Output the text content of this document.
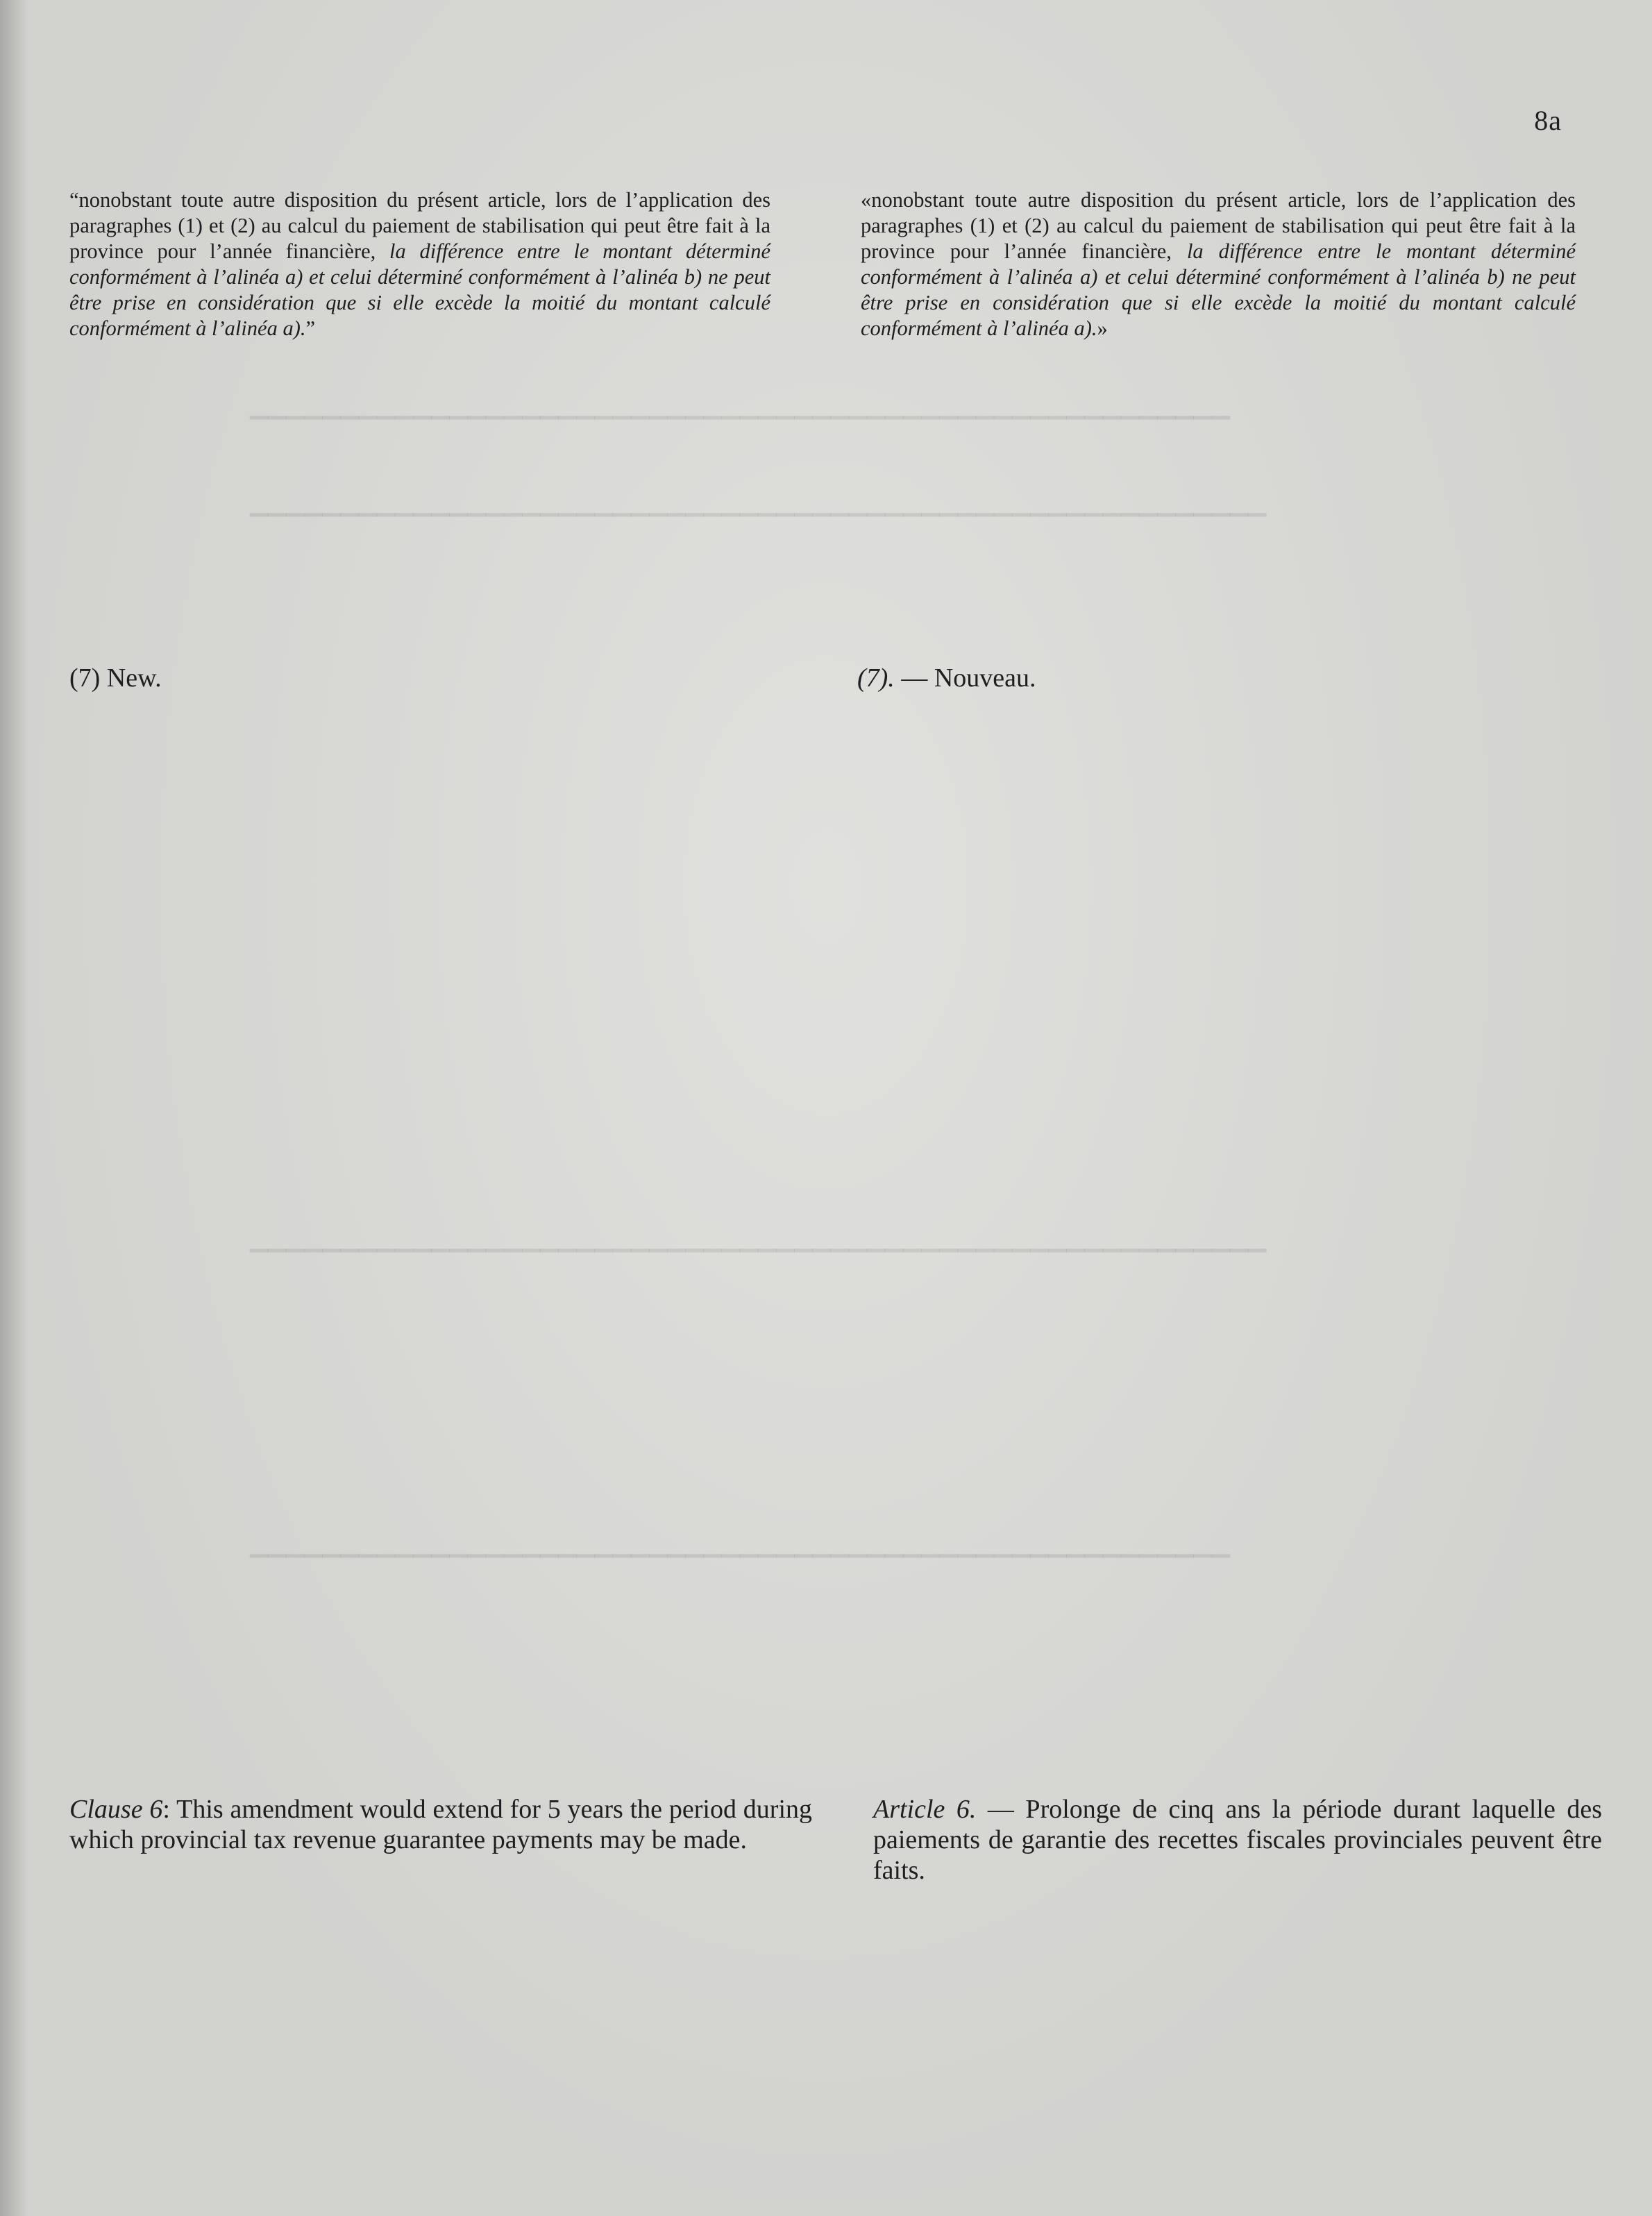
▁▁▁▁▁▁▁▁▁▁▁▁▁▁▁▁▁▁▁▁▁▁▁▁▁▁▁▁▁▁▁▁▁▁▁▁▁▁▁▁▁▁▁▁▁▁▁▁▁▁▁▁▁▁
▁▁▁▁▁▁▁▁▁▁▁▁▁▁▁▁▁▁▁▁▁▁▁▁▁▁▁▁▁▁▁▁▁▁▁▁▁▁▁▁▁▁▁▁▁▁▁▁▁▁▁▁▁▁▁▁
▁▁▁▁▁▁▁▁▁▁▁▁▁▁▁▁▁▁▁▁▁▁▁▁▁▁▁▁▁▁▁▁▁▁▁▁▁▁▁▁▁▁▁▁▁▁▁▁▁▁▁▁▁▁▁▁
▁▁▁▁▁▁▁▁▁▁▁▁▁▁▁▁▁▁▁▁▁▁▁▁▁▁▁▁▁▁▁▁▁▁▁▁▁▁▁▁▁▁▁▁▁▁▁▁▁▁▁▁▁▁
8a
“nonobstant toute autre disposition du présent article, lors de l’application des paragraphes (1) et (2) au calcul du paiement de stabilisation qui peut être fait à la province pour l’année financière, la différence entre le montant déterminé conformément à l’alinéa a) et celui déterminé conformément à l’alinéa b) ne peut être prise en considération que si elle excède la moitié du montant calculé conformément à l’alinéa a).”
(7) New.
Clause 6: This amendment would extend for 5 years the period during which provincial tax revenue guarantee payments may be made.
«nonobstant toute autre disposition du présent article, lors de l’application des paragraphes (1) et (2) au calcul du paiement de stabilisation qui peut être fait à la province pour l’année financière, la différence entre le montant déterminé conformément à l’alinéa a) et celui déterminé conformément à l’alinéa b) ne peut être prise en considération que si elle excède la moitié du montant calculé conformément à l’alinéa a).»
(7). — Nouveau.
Article 6. — Prolonge de cinq ans la période durant laquelle des paiements de garantie des recettes fiscales provinciales peuvent être faits.
